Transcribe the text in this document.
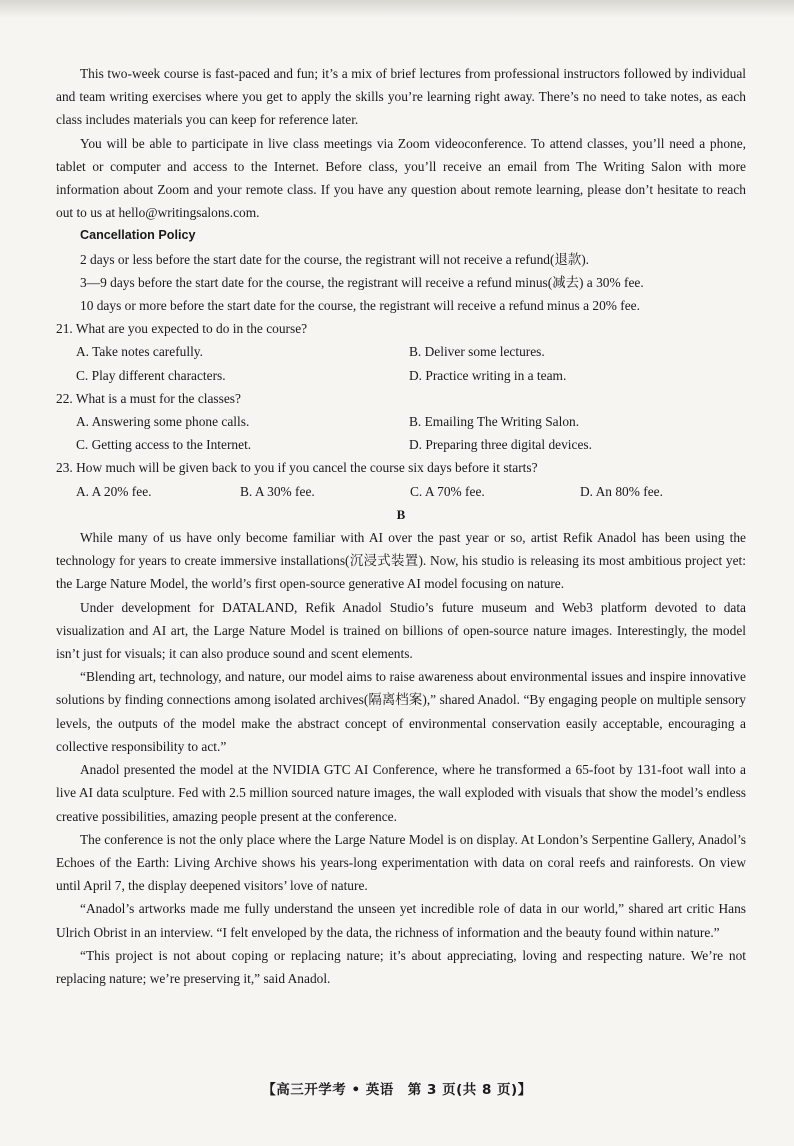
This two-week course is fast-paced and fun; it’s a mix of brief lectures from professional instructors followed by individual and team writing exercises where you get to apply the skills you’re learning right away. There’s no need to take notes, as each class includes materials you can keep for reference later.

You will be able to participate in live class meetings via Zoom videoconference. To attend classes, you’ll need a phone, tablet or computer and access to the Internet. Before class, you’ll receive an email from The Writing Salon with more information about Zoom and your remote class. If you have any question about remote learning, please don’t hesitate to reach out to us at hello@writingsalons.com.

Cancellation Policy

2 days or less before the start date for the course, the registrant will not receive a refund(退款).

3—9 days before the start date for the course, the registrant will receive a refund minus(减去) a 30% fee.

10 days or more before the start date for the course, the registrant will receive a refund minus a 20% fee.

21. What are you expected to do in the course?

A. Take notes carefully.	B. Deliver some lectures.
C. Play different characters.	D. Practice writing in a team.

22. What is a must for the classes?

A. Answering some phone calls.	B. Emailing The Writing Salon.
C. Getting access to the Internet.	D. Preparing three digital devices.

23. How much will be given back to you if you cancel the course six days before it starts?

A. A 20% fee.	B. A 30% fee.	C. A 70% fee.	D. An 80% fee.

B

While many of us have only become familiar with AI over the past year or so, artist Refik Anadol has been using the technology for years to create immersive installations(沉浸式装置). Now, his studio is releasing its most ambitious project yet: the Large Nature Model, the world’s first open-source generative AI model focusing on nature.

Under development for DATALAND, Refik Anadol Studio’s future museum and Web3 platform devoted to data visualization and AI art, the Large Nature Model is trained on billions of open-source nature images. Interestingly, the model isn’t just for visuals; it can also produce sound and scent elements.

“Blending art, technology, and nature, our model aims to raise awareness about environmental issues and inspire innovative solutions by finding connections among isolated archives(隔离档案),” shared Anadol. “By engaging people on multiple sensory levels, the outputs of the model make the abstract concept of environmental conservation easily acceptable, encouraging a collective responsibility to act.”

Anadol presented the model at the NVIDIA GTC AI Conference, where he transformed a 65-foot by 131-foot wall into a live AI data sculpture. Fed with 2.5 million sourced nature images, the wall exploded with visuals that show the model’s endless creative possibilities, amazing people present at the conference.

The conference is not the only place where the Large Nature Model is on display. At London’s Serpentine Gallery, Anadol’s Echoes of the Earth: Living Archive shows his years-long experimentation with data on coral reefs and rainforests. On view until April 7, the display deepened visitors’ love of nature.

“Anadol’s artworks made me fully understand the unseen yet incredible role of data in our world,” shared art critic Hans Ulrich Obrist in an interview. “I felt enveloped by the data, the richness of information and the beauty found within nature.”

“This project is not about coping or replacing nature; it’s about appreciating, loving and respecting nature. We’re not replacing nature; we’re preserving it,” said Anadol.

【高三开学考 • 英语　第 3 页(共 8 页)】
